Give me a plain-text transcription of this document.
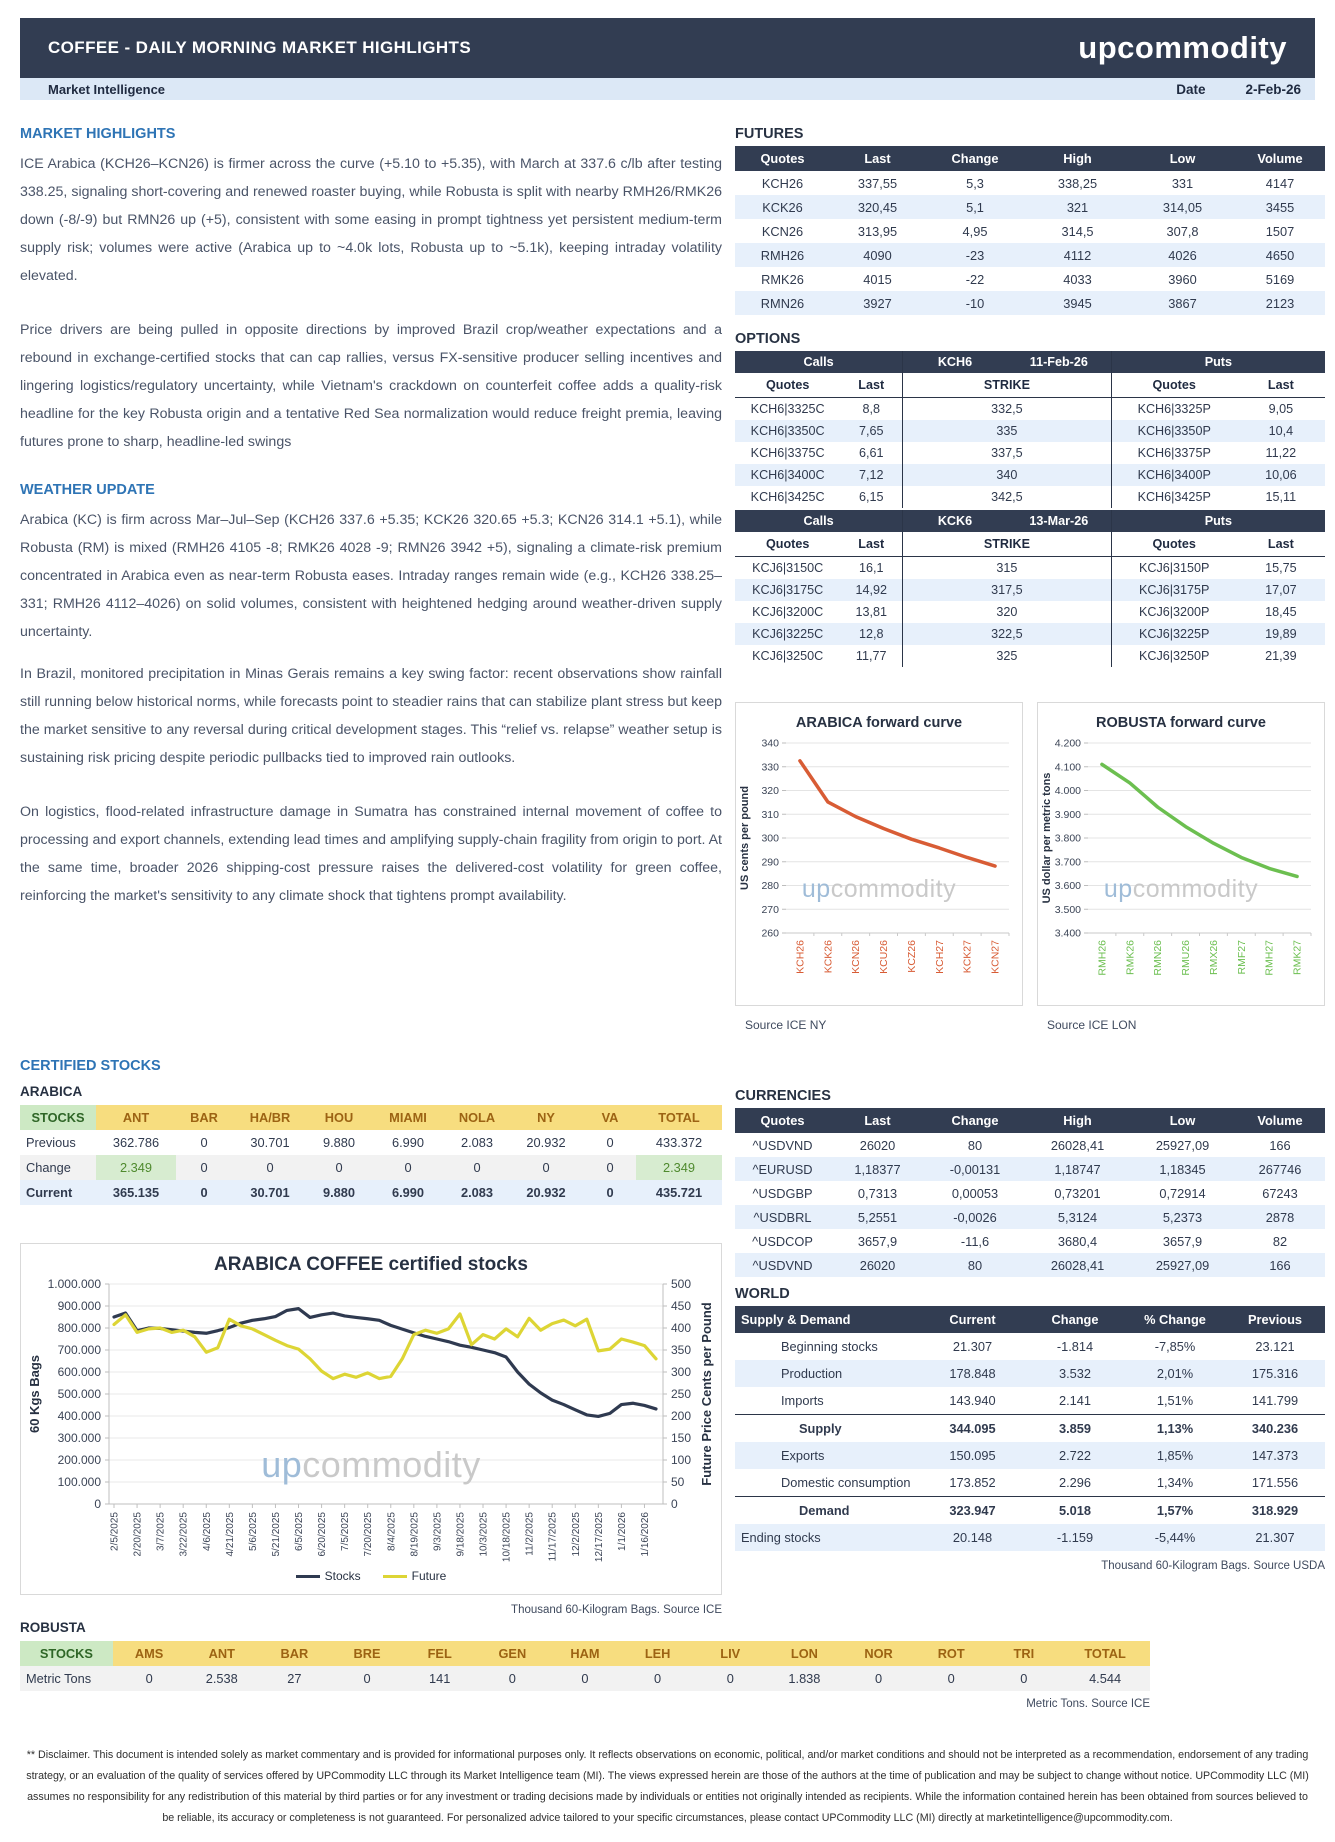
COFFEE - DAILY MORNING MARKET HIGHLIGHTS	upcommodity
Market Intelligence	Date	2-Feb-26
MARKET HIGHLIGHTS

ICE Arabica (KCH26–KCN26) is firmer across the curve (+5.10 to +5.35), with March at 337.6 c/lb after testing 338.25, signaling short-covering and renewed roaster buying, while Robusta is split with nearby RMH26/RMK26 down (-8/-9) but RMN26 up (+5), consistent with some easing in prompt tightness yet persistent medium-term supply risk; volumes were active (Arabica up to ~4.0k lots, Robusta up to ~5.1k), keeping intraday volatility elevated.

Price drivers are being pulled in opposite directions by improved Brazil crop/weather expectations and a rebound in exchange-certified stocks that can cap rallies, versus FX-sensitive producer selling incentives and lingering logistics/regulatory uncertainty, while Vietnam's crackdown on counterfeit coffee adds a quality-risk headline for the key Robusta origin and a tentative Red Sea normalization would reduce freight premia, leaving futures prone to sharp, headline-led swings

WEATHER UPDATE

Arabica (KC) is firm across Mar–Jul–Sep (KCH26 337.6 +5.35; KCK26 320.65 +5.3; KCN26 314.1 +5.1), while Robusta (RM) is mixed (RMH26 4105 -8; RMK26 4028 -9; RMN26 3942 +5), signaling a climate-risk premium concentrated in Arabica even as near-term Robusta eases. Intraday ranges remain wide (e.g., KCH26 338.25–331; RMH26 4112–4026) on solid volumes, consistent with heightened hedging around weather-driven supply uncertainty.

In Brazil, monitored precipitation in Minas Gerais remains a key swing factor: recent observations show rainfall still running below historical norms, while forecasts point to steadier rains that can stabilize plant stress but keep the market sensitive to any reversal during critical development stages. This “relief vs. relapse” weather setup is sustaining risk pricing despite periodic pullbacks tied to improved rain outlooks.

On logistics, flood-related infrastructure damage in Sumatra has constrained internal movement of coffee to processing and export channels, extending lead times and amplifying supply-chain fragility from origin to port. At the same time, broader 2026 shipping-cost pressure raises the delivered-cost volatility for green coffee, reinforcing the market's sensitivity to any climate shock that tightens prompt availability.

FUTURES
Quotes	Last	Change	High	Low	Volume
KCH26	337,55	5,3	338,25	331	4147
KCK26	320,45	5,1	321	314,05	3455
KCN26	313,95	4,95	314,5	307,8	1507
RMH26	4090	-23	4112	4026	4650
RMK26	4015	-22	4033	3960	5169
RMN26	3927	-10	3945	3867	2123
OPTIONS
Calls		KCH6 11-Feb-26	Puts	
Quotes	Last	STRIKE	Quotes	Last
KCH6|3325C	8,8	332,5	KCH6|3325P	9,05
KCH6|3350C	7,65	335	KCH6|3350P	10,4
KCH6|3375C	6,61	337,5	KCH6|3375P	11,22
KCH6|3400C	7,12	340	KCH6|3400P	10,06
KCH6|3425C	6,15	342,5	KCH6|3425P	15,11
Calls		KCK6 13-Mar-26	Puts	
Quotes	Last	STRIKE	Quotes	Last
KCJ6|3150C	16,1	315	KCJ6|3150P	15,75
KCJ6|3175C	14,92	317,5	KCJ6|3175P	17,07
KCJ6|3200C	13,81	320	KCJ6|3200P	18,45
KCJ6|3225C	12,8	322,5	KCJ6|3225P	19,89
KCJ6|3250C	11,77	325	KCJ6|3250P	21,39
ARABICA forward curve
260
270
280
290
300
310
320
330
340
KCH26 KCK26 KCN26 KCU26 KCZ26 KCH27 KCK27 KCN27
US cents per pound	upcommodity
ROBUSTA forward curve
3.400
3.500
3.600
3.700
3.800
3.900
4.000
4.100
4.200
RMH26 RMK26 RMN26 RMU26 RMX26 RMF27 RMH27 RMK27
US dollar per metric tons	upcommodity
Source ICE NY	Source ICE LON
CERTIFIED STOCKS
ARABICA
STOCKS	ANT	BAR	HA/BR	HOU	MIAMI	NOLA	NY	VA	TOTAL
Previous	362.786	0	30.701	9.880	6.990	2.083	20.932	0	433.372
Change	2.349	0	0	0	0	0	0	0	2.349
Current	365.135	0	30.701	9.880	6.990	2.083	20.932	0	435.721
ARABICA COFFEE certified stocks
0	0
100.000	50
200.000	100
300.000	150
400.000	200
500.000	250
600.000	300
700.000	350
800.000	400
900.000	450
1.000.000	500
2/5/2025 2/20/2025 3/7/2025 3/22/2025 4/6/2025 4/21/2025 5/6/2025 5/21/2025 6/5/2025 6/20/2025 7/5/2025 7/20/2025 8/4/2025 8/19/2025 9/3/2025 9/18/2025 10/3/2025 10/18/2025 11/2/2025 11/17/2025 12/2/2025 12/17/2025 1/1/2026 1/16/2026
60 Kgs Bags	Future Price Cents per Pound
Stocks	Future
upcommodity
Thousand 60-Kilogram Bags. Source ICE
CURRENCIES
Quotes	Last	Change	High	Low	Volume
^USDVND	26020	80	26028,41	25927,09	166
^EURUSD	1,18377	-0,00131	1,18747	1,18345	267746
^USDGBP	0,7313	0,00053	0,73201	0,72914	67243
^USDBRL	5,2551	-0,0026	5,3124	5,2373	2878
^USDCOP	3657,9	-11,6	3680,4	3657,9	82
^USDVND	26020	80	26028,41	25927,09	166
WORLD
Supply & Demand	Current	Change	% Change	Previous
Beginning stocks	21.307	-1.814	-7,85%	23.121
Production	178.848	3.532	2,01%	175.316
Imports	143.940	2.141	1,51%	141.799
Supply	344.095	3.859	1,13%	340.236
Exports	150.095	2.722	1,85%	147.373
Domestic consumption	173.852	2.296	1,34%	171.556
Demand	323.947	5.018	1,57%	318.929
Ending stocks	20.148	-1.159	-5,44%	21.307
Thousand 60-Kilogram Bags. Source USDA
ROBUSTA
STOCKS	AMS	ANT	BAR	BRE	FEL	GEN	HAM	LEH	LIV	LON	NOR	ROT	TRI	TOTAL
Metric Tons	0	2.538	27	0	141	0	0	0	0	1.838	0	0	0	4.544
Metric Tons. Source ICE
** Disclaimer. This document is intended solely as market commentary and is provided for informational purposes only. It reflects observations on economic, political, and/or market conditions and should not be interpreted as a recommendation, endorsement of any trading strategy, or an evaluation of the quality of services offered by UPCommodity LLC through its Market Intelligence team (MI). The views expressed herein are those of the authors at the time of publication and may be subject to change without notice. UPCommodity LLC (MI) assumes no responsibility for any redistribution of this material by third parties or for any investment or trading decisions made by individuals or entities not originally intended as recipients. While the information contained herein has been obtained from sources believed to be reliable, its accuracy or completeness is not guaranteed. For personalized advice tailored to your specific circumstances, please contact UPCommodity LLC (MI) directly at marketintelligence@upcommodity.com.
